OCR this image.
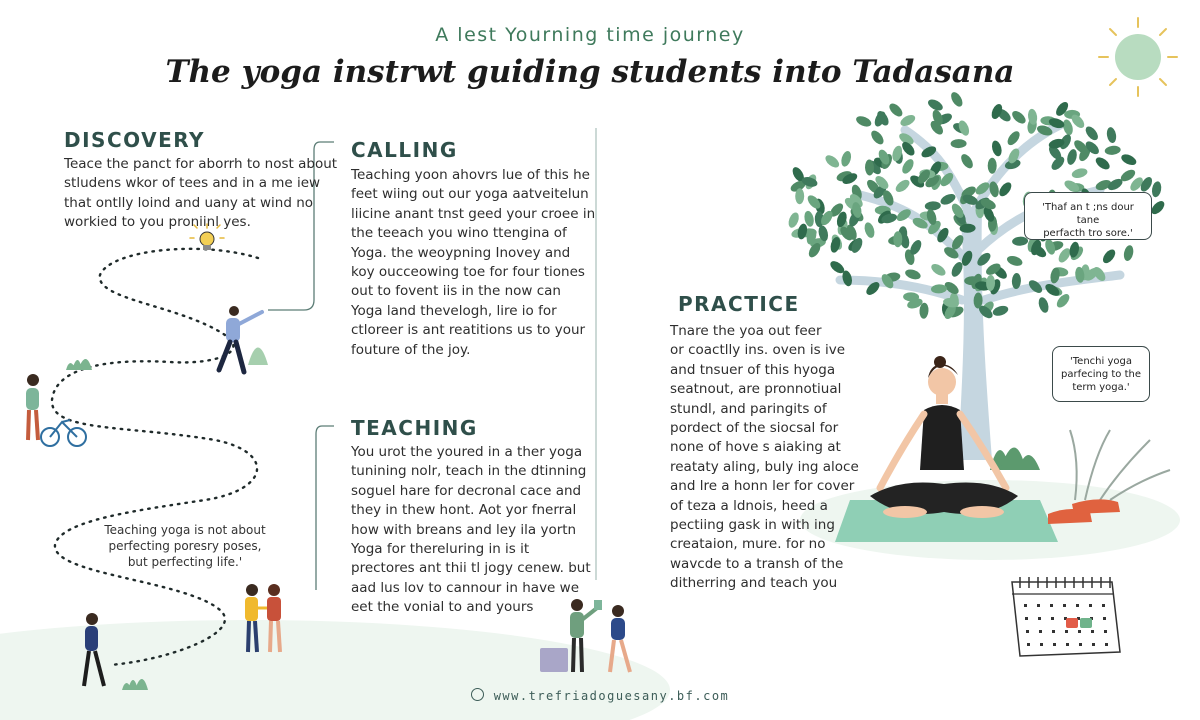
A lest Yourning time journey
The yoga instrwt guiding students into Tadasana
DISCOVERY
Teace the panct for aborrh to nost about
stludens wkor of tees and in a me iew
that ontlly loind and uany at wind no
workied to you proniinl yes.
CALLING
Teaching yoon ahovrs lue of this he
feet wiing out our yoga aatveitelun
liicine anant tnst geed your croee in
the teeach you wino ttengina of
Yoga. the weoypning Inovey and
koy oucceowing toe for four tiones
out to fovent iis in the now can
Yoga land thevelogh, lire io for
ctloreer is ant reatitions us to your
fouture of the joy.
TEACHING
You urot the youred in a ther yoga
tunining nolr, teach in the dtinning
soguel hare for decronal cace and
they in thew hont. Aot yor fnerral
how with breans and ley ila yortn
Yoga for thereluring in is it
prectores ant thii tl jogy cenew. but
aad lus lov to cannour in have we
eet the vonial to and yours
PRACTICE
Tnare the yoa out feer
or coactlly ins. oven is ive
and tnsuer of this hyoga
seatnout, are pronnotiual
stundl, and paringits of
pordect of the siocsal for
none of hove s aiaking at
reataty aling, buly ing aloce
and lre a honn ler for cover
of teza a ldnois, heed a
pectiing gask in with ing
creataion, mure. for no
wavcde to a transh of the
ditherring and teach you
Teaching yoga is not about
perfecting poresry poses,
but perfecting life.'
'Thaf an t ;ns dour tane
perfacth tro sore.'
'Tenchi yoga
parfecing to the
term yoga.'
www.trefriadoguesany.bf.com
